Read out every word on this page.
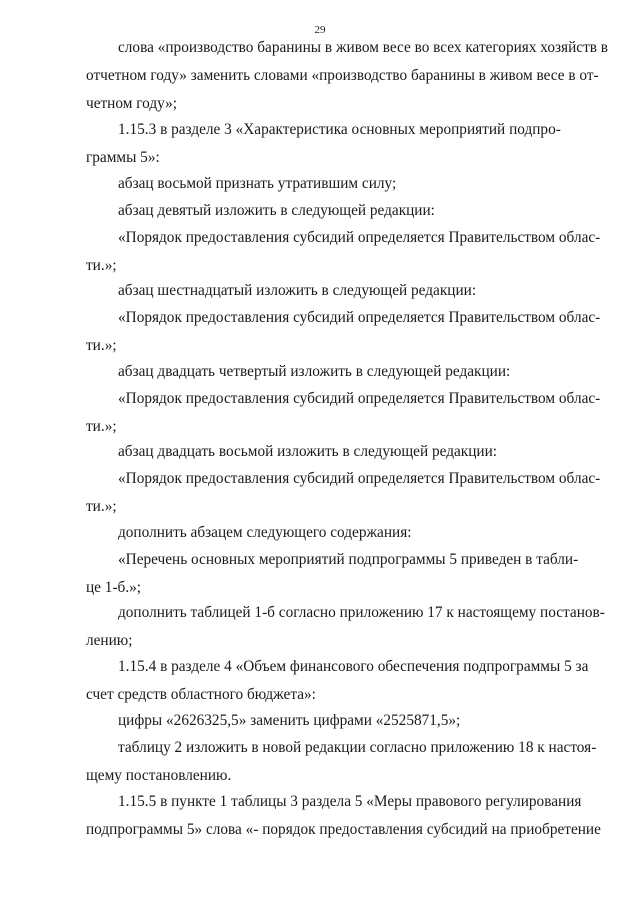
29

слова «производство баранины в живом весе во всех категориях хозяйств в
отчетном году» заменить словами «производство баранины в живом весе в от-
четном году»;

1.15.3 в разделе 3 «Характеристика основных мероприятий подпро-
граммы 5»:

абзац восьмой признать утратившим силу;

абзац девятый изложить в следующей редакции:

«Порядок предоставления субсидий определяется Правительством облас-
ти.»;

абзац шестнадцатый изложить в следующей редакции:

«Порядок предоставления субсидий определяется Правительством облас-
ти.»;

абзац двадцать четвертый изложить в следующей редакции:

«Порядок предоставления субсидий определяется Правительством облас-
ти.»;

абзац двадцать восьмой изложить в следующей редакции:

«Порядок предоставления субсидий определяется Правительством облас-
ти.»;

дополнить абзацем следующего содержания:

«Перечень основных мероприятий подпрограммы 5 приведен в табли-
це 1-б.»;

дополнить таблицей 1-б согласно приложению 17 к настоящему постанов-
лению;

1.15.4 в разделе 4 «Объем финансового обеспечения подпрограммы 5 за
счет средств областного бюджета»:

цифры «2626325,5» заменить цифрами «2525871,5»;

таблицу 2 изложить в новой редакции согласно приложению 18 к настоя-
щему постановлению.

1.15.5 в пункте 1 таблицы 3 раздела 5 «Меры правового регулирования
подпрограммы 5» слова «- порядок предоставления субсидий на приобретение
